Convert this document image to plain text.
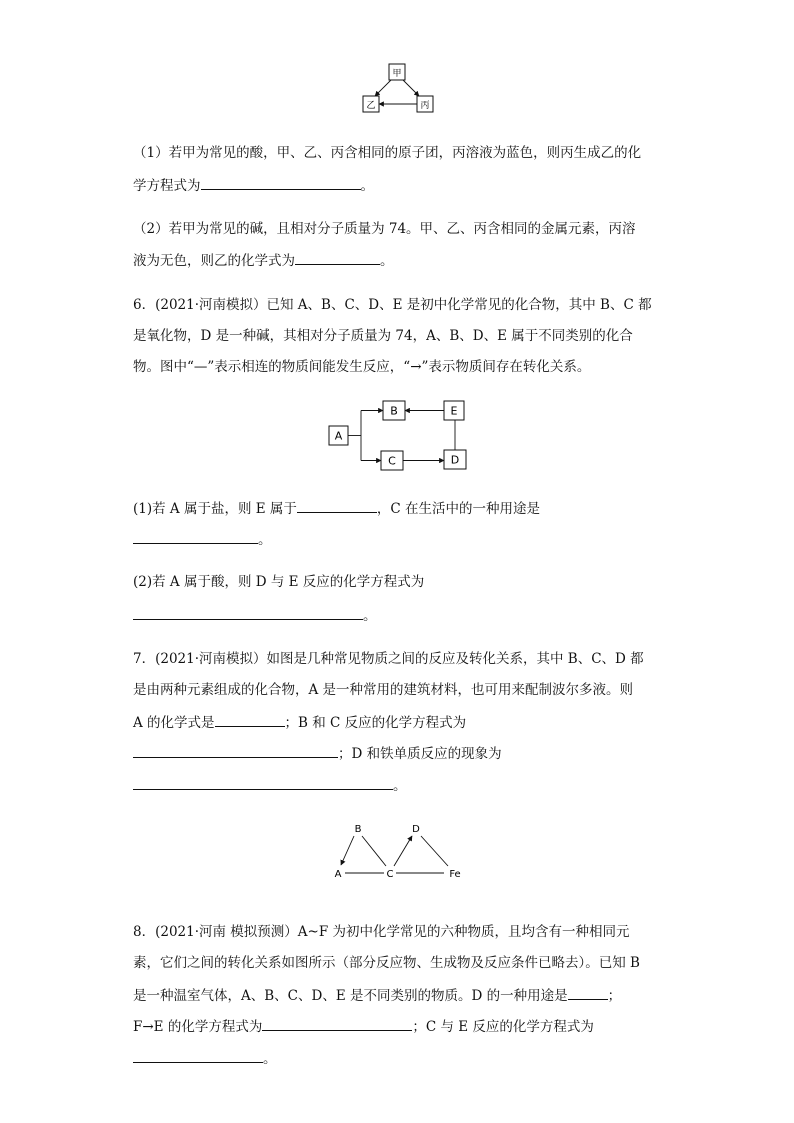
甲
乙	丙
（1）若甲为常见的酸，甲、乙、丙含相同的原子团，丙溶液为蓝色，则丙生成乙的化
学方程式为	。
（2）若甲为常见的碱，且相对分子质量为 74。甲、乙、丙含相同的金属元素，丙溶
液为无色，则乙的化学式为	。
6．(2021·河南模拟）已知 A、B、C、D、E 是初中化学常见的化合物，其中 B、C 都
是氧化物，D 是一种碱，其相对分子质量为 74，A、B、D、E 属于不同类别的化合
物。图中“—”表示相连的物质间能发生反应，“→”表示物质间存在转化关系。
A
B	E
C	D
(1)若 A 属于盐，则 E 属于	，C 在生活中的一种用途是
。
(2)若 A 属于酸，则 D 与 E 反应的化学方程式为
。
7．(2021·河南模拟）如图是几种常见物质之间的反应及转化关系，其中 B、C、D 都
是由两种元素组成的化合物，A 是一种常用的建筑材料，也可用来配制波尔多液。则
A 的化学式是	；B 和 C 反应的化学方程式为
；D 和铁单质反应的现象为
。
B	D
A	C	Fe
8．(2021·河南 模拟预测）A~F 为初中化学常见的六种物质，且均含有一种相同元
素，它们之间的转化关系如图所示（部分反应物、生成物及反应条件已略去）。已知 B
是一种温室气体，A、B、C、D、E 是不同类别的物质。D 的一种用途是	；
F→E 的化学方程式为	；C 与 E 反应的化学方程式为
。
